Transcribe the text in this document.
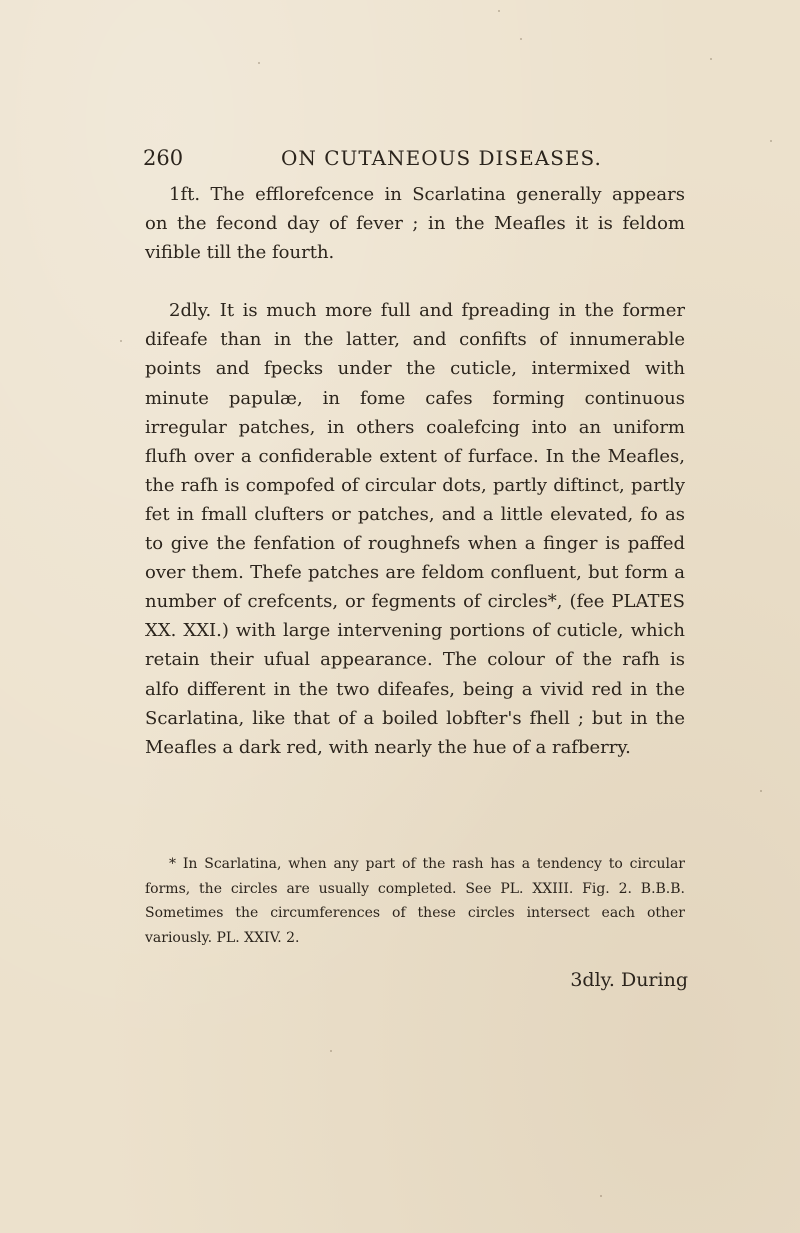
260	ON CUTANEOUS DISEASES.

1ft. The efflorefcence in Scarlatina generally appears on the fecond day of fever ; in the Meafles it is feldom vifible till the fourth.

2dly. It is much more full and fpreading in the former difeafe than in the latter, and confifts of innumerable points and fpecks under the cuticle, intermixed with minute papulæ, in fome cafes forming continuous irregular patches, in others coalefcing into an uniform flufh over a confiderable extent of furface. In the Meafles, the rafh is compofed of circular dots, partly diftinct, partly fet in fmall clufters or patches, and a little elevated, fo as to give the fenfation of roughnefs when a finger is paffed over them. Thefe patches are feldom confluent, but form a number of crefcents, or fegments of circles*, (fee PLATES XX. XXI.) with large intervening portions of cuticle, which retain their ufual appearance. The colour of the rafh is alfo different in the two difeafes, being a vivid red in the Scarlatina, like that of a boiled lobfter's fhell ; but in the Meafles a dark red, with nearly the hue of a rafberry.

* In Scarlatina, when any part of the rash has a tendency to circular forms, the circles are usually completed. See PL. XXIII. Fig. 2. B.B.B. Sometimes the circumferences of these circles intersect each other variously. PL. XXIV. 2.
3dly. During
